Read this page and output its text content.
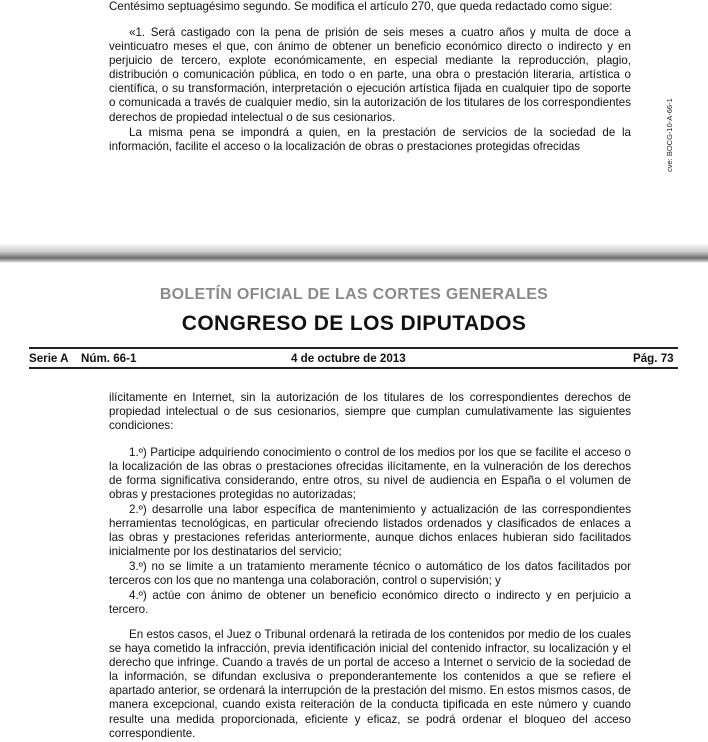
Centésimo septuagésimo segundo. Se modifica el artículo 270, que queda redactado como sigue:

«1. Será castigado con la pena de prisión de seis meses a cuatro años y multa de doce a veinticuatro meses el que, con ánimo de obtener un beneficio económico directo o indirecto y en perjuicio de tercero, explote económicamente, en especial mediante la reproducción, plagio, distribución o comunicación pública, en todo o en parte, una obra o prestación literaria, artística o científica, o su transformación, interpretación o ejecución artística fijada en cualquier tipo de soporte o comunicada a través de cualquier medio, sin la autorización de los titulares de los correspondientes derechos de propiedad intelectual o de sus cesionarios.

La misma pena se impondrá a quien, en la prestación de servicios de la sociedad de la información, facilite el acceso o la localización de obras o prestaciones protegidas ofrecidas	cve: BOCG-10-A-66-1
BOLETÍN OFICIAL DE LAS CORTES GENERALES
CONGRESO DE LOS DIPUTADOS
Serie A Núm. 66-1	4 de octubre de 2013	Pág. 73

ilícitamente en Internet, sin la autorización de los titulares de los correspondientes derechos de propiedad intelectual o de sus cesionarios, siempre que cumplan cumulativamente las siguientes condiciones:

1.º) Participe adquiriendo conocimiento o control de los medios por los que se facilite el acceso o la localización de las obras o prestaciones ofrecidas ilícitamente, en la vulneración de los derechos de forma significativa considerando, entre otros, su nivel de audiencia en España o el volumen de obras y prestaciones protegidas no autorizadas;

2.º) desarrolle una labor específica de mantenimiento y actualización de las correspondientes herramientas tecnológicas, en particular ofreciendo listados ordenados y clasificados de enlaces a las obras y prestaciones referidas anteriormente, aunque dichos enlaces hubieran sido facilitados inicialmente por los destinatarios del servicio;

3.º) no se limite a un tratamiento meramente técnico o automático de los datos facilitados por terceros con los que no mantenga una colaboración, control o supervisión; y

4.º) actúe con ánimo de obtener un beneficio económico directo o indirecto y en perjuicio a tercero.

En estos casos, el Juez o Tribunal ordenará la retirada de los contenidos por medio de los cuales se haya cometido la infracción, previa identificación inicial del contenido infractor, su localización y el derecho que infringe. Cuando a través de un portal de acceso a Internet o servicio de la sociedad de la información, se difundan exclusiva o preponderantemente los contenidos a que se refiere el apartado anterior, se ordenará la interrupción de la prestación del mismo. En estos mismos casos, de manera excepcional, cuando exista reiteración de la conducta tipificada en este número y cuando resulte una medida proporcionada, eficiente y eficaz, se podrá ordenar el bloqueo del acceso correspondiente.
